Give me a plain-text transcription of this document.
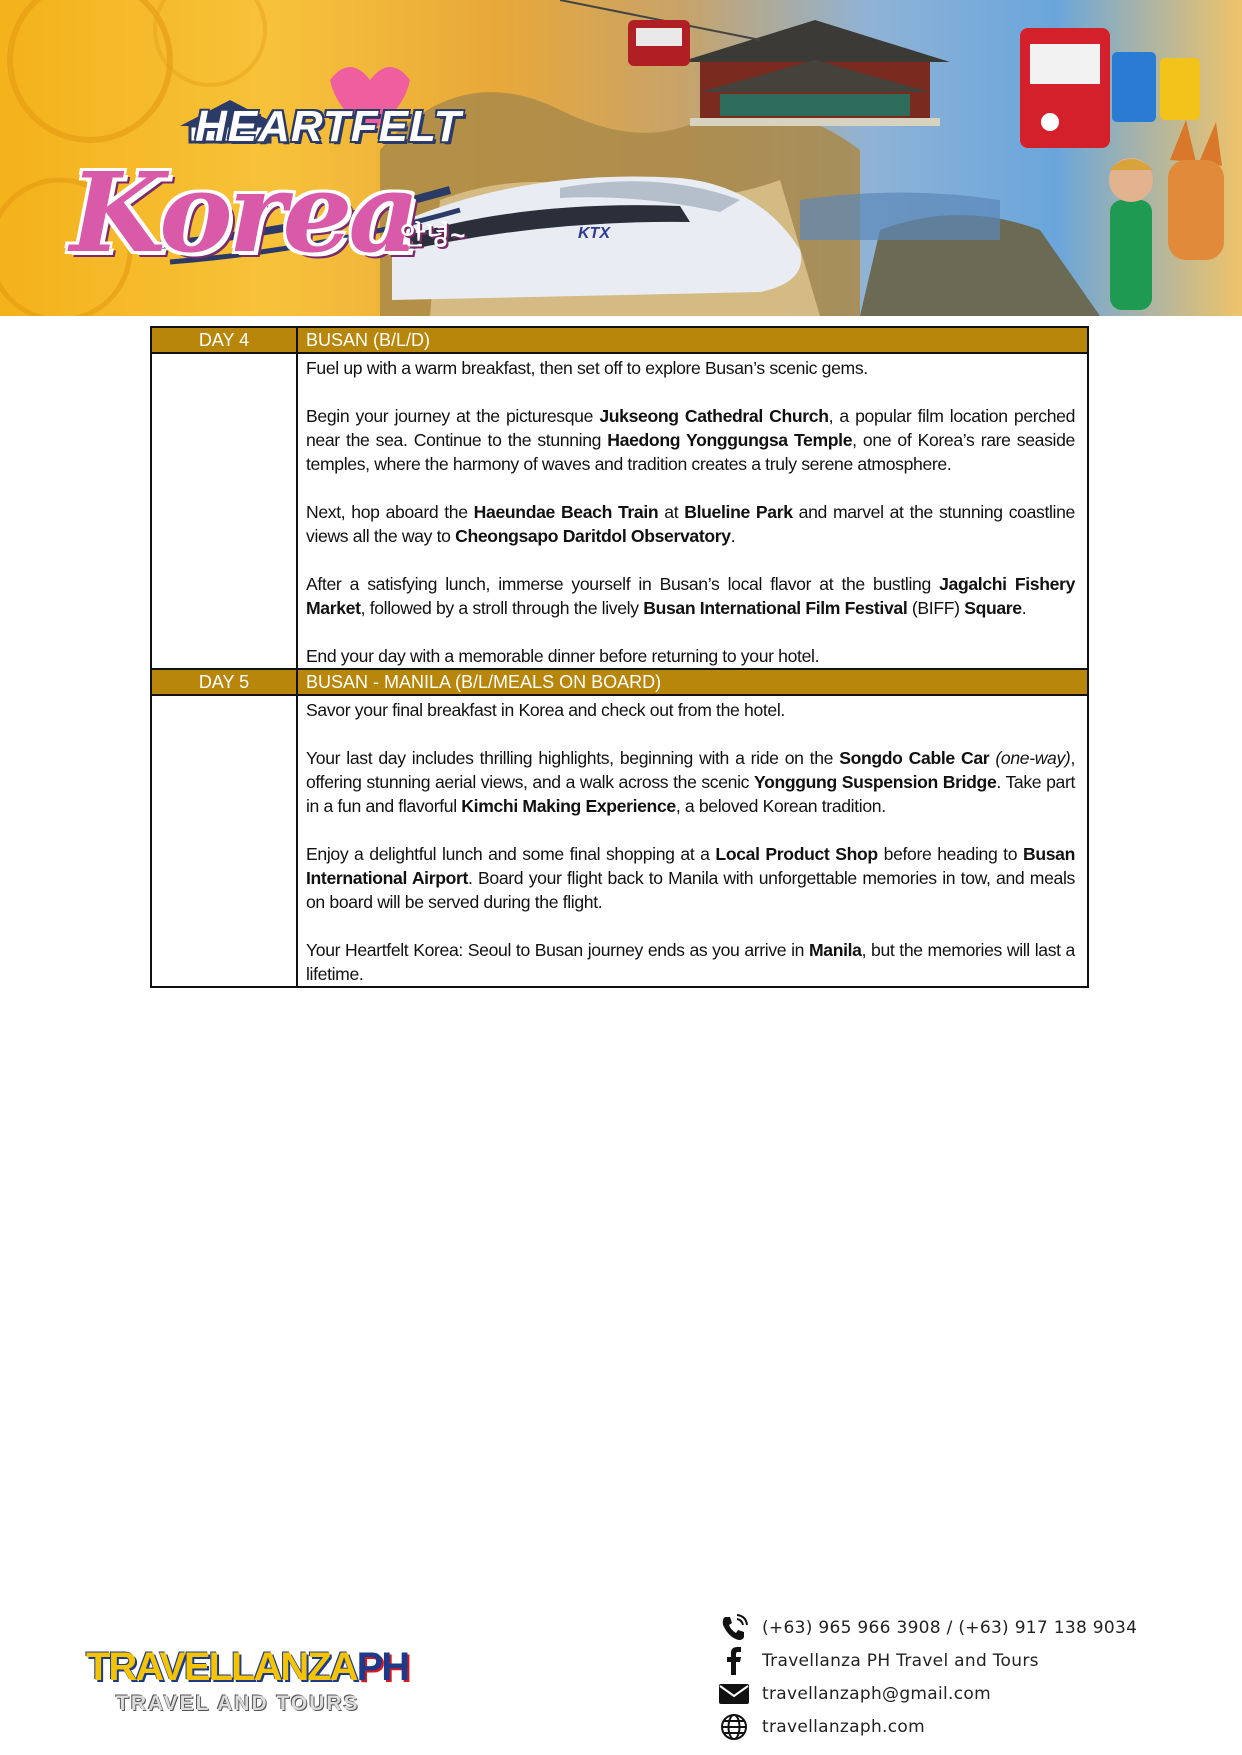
KTX
HEARTFELT
Korea
안녕~
DAY 4	BUSAN (B/L/D)

	Fuel up with a warm breakfast, then set off to explore Busan’s scenic gems.

Begin your journey at the picturesque Jukseong Cathedral Church, a popular film location perched near the sea. Continue to the stunning Haedong Yonggungsa Temple, one of Korea’s rare seaside temples, where the harmony of waves and tradition creates a truly serene atmosphere.

Next, hop aboard the Haeundae Beach Train at Blueline Park and marvel at the stunning coastline views all the way to Cheongsapo Daritdol Observatory.

After a satisfying lunch, immerse yourself in Busan’s local flavor at the bustling Jagalchi Fishery Market, followed by a stroll through the lively Busan International Film Festival (BIFF) Square.

End your day with a memorable dinner before returning to your hotel.

DAY 5	BUSAN - MANILA (B/L/MEALS ON BOARD)

	Savor your final breakfast in Korea and check out from the hotel.

Your last day includes thrilling highlights, beginning with a ride on the Songdo Cable Car (one-way), offering stunning aerial views, and a walk across the scenic Yonggung Suspension Bridge. Take part in a fun and flavorful Kimchi Making Experience, a beloved Korean tradition.

Enjoy a delightful lunch and some final shopping at a Local Product Shop before heading to Busan International Airport. Board your flight back to Manila with unforgettable memories in tow, and meals on board will be served during the flight.

Your Heartfelt Korea: Seoul to Busan journey ends as you arrive in Manila, but the memories will last a lifetime.

TRAVELLANZAPH
TRAVEL AND TOURS
(+63) 965 966 3908 / (+63) 917 138 9034
Travellanza PH Travel and Tours
travellanzaph@gmail.com
travellanzaph.com
